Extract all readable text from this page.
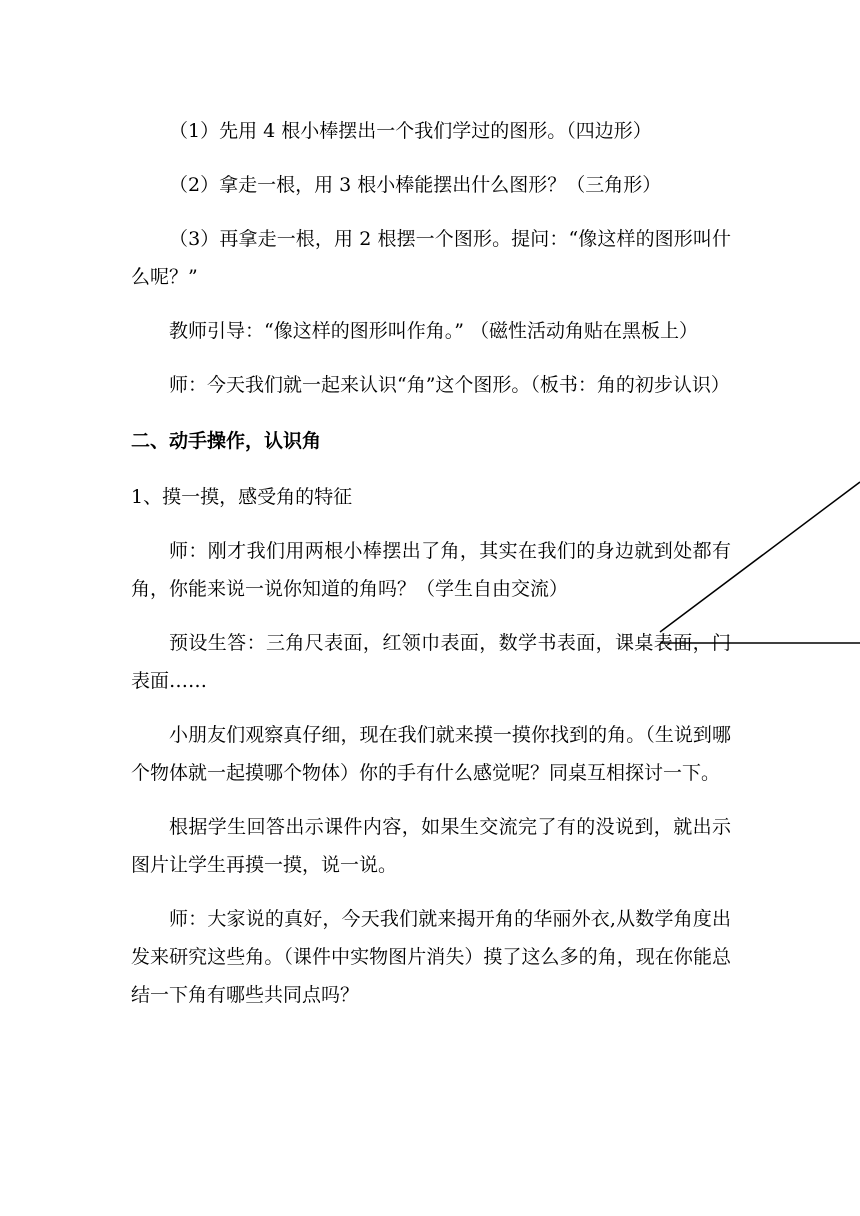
（1）先用 4 根小棒摆出一个我们学过的图形。（四边形）

（2）拿走一根，用 3 根小棒能摆出什么图形？（三角形）

（3）再拿走一根，用 2 根摆一个图形。提问：“像这样的图形叫什么呢？”

教师引导：“像这样的图形叫作角。” （磁性活动角贴在黑板上）

师：今天我们就一起来认识“角”这个图形。（板书：角的初步认识）

二、动手操作，认识角

1、摸一摸，感受角的特征

师：刚才我们用两根小棒摆出了角，其实在我们的身边就到处都有角，你能来说一说你知道的角吗？（学生自由交流）

预设生答：三角尺表面，红领巾表面，数学书表面，课桌表面，门表面……

小朋友们观察真仔细，现在我们就来摸一摸你找到的角。（生说到哪个物体就一起摸哪个物体）你的手有什么感觉呢？同桌互相探讨一下。

根据学生回答出示课件内容，如果生交流完了有的没说到，就出示图片让学生再摸一摸，说一说。

师：大家说的真好，今天我们就来揭开角的华丽外衣,从数学角度出发来研究这些角。（课件中实物图片消失）摸了这么多的角，现在你能总结一下角有哪些共同点吗？
